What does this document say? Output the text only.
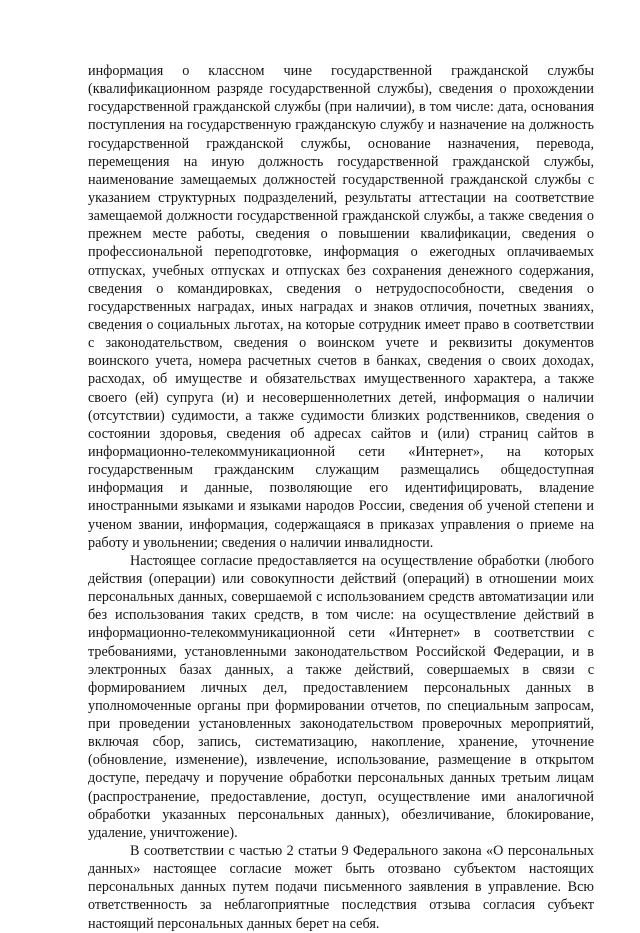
информация о классном чине государственной гражданской службы
(квалификационном разряде государственной службы), сведения о прохождении
государственной гражданской службы (при наличии), в том числе: дата, основания
поступления на государственную гражданскую службу и назначение на должность
государственной гражданской службы, основание назначения, перевода,
перемещения на иную должность государственной гражданской службы,
наименование замещаемых должностей государственной гражданской службы с
указанием структурных подразделений, результаты аттестации на соответствие
замещаемой должности государственной гражданской службы, а также сведения о
прежнем месте работы, сведения о повышении квалификации, сведения о
профессиональной переподготовке, информация о ежегодных оплачиваемых
отпусках, учебных отпусках и отпусках без сохранения денежного содержания,
сведения о командировках, сведения о нетрудоспособности, сведения о
государственных наградах, иных наградах и знаков отличия, почетных званиях,
сведения о социальных льготах, на которые сотрудник имеет право в соответствии
с законодательством, сведения о воинском учете и реквизиты документов
воинского учета, номера расчетных счетов в банках, сведения о своих доходах,
расходах, об имуществе и обязательствах имущественного характера, а также
своего (ей) супруга (и) и несовершеннолетних детей, информация о наличии
(отсутствии) судимости, а также судимости близких родственников, сведения о
состоянии здоровья, сведения об адресах сайтов и (или) страниц сайтов в
информационно-телекоммуникационной сети «Интернет», на которых
государственным гражданским служащим размещались общедоступная
информация и данные, позволяющие его идентифицировать, владение
иностранными языками и языками народов России, сведения об ученой степени и
ученом звании, информация, содержащаяся в приказах управления о приеме на
работу и увольнении; сведения о наличии инвалидности.
Настоящее согласие предоставляется на осуществление обработки (любого
действия (операции) или совокупности действий (операций) в отношении моих
персональных данных, совершаемой с использованием средств автоматизации или
без использования таких средств, в том числе: на осуществление действий в
информационно-телекоммуникационной сети «Интернет» в соответствии с
требованиями, установленными законодательством Российской Федерации, и в
электронных базах данных, а также действий, совершаемых в связи с
формированием личных дел, предоставлением персональных данных в
уполномоченные органы при формировании отчетов, по специальным запросам,
при проведении установленных законодательством проверочных мероприятий,
включая сбор, запись, систематизацию, накопление, хранение, уточнение
(обновление, изменение), извлечение, использование, размещение в открытом
доступе, передачу и поручение обработки персональных данных третьим лицам
(распространение, предоставление, доступ, осуществление ими аналогичной
обработки указанных персональных данных), обезличивание, блокирование,
удаление, уничтожение).
В соответствии с частью 2 статьи 9 Федерального закона «О персональных
данных» настоящее согласие может быть отозвано субъектом настоящих
персональных данных путем подачи письменного заявления в управление. Всю
ответственность за неблагоприятные последствия отзыва согласия субъект
настоящий персональных данных берет на себя.
